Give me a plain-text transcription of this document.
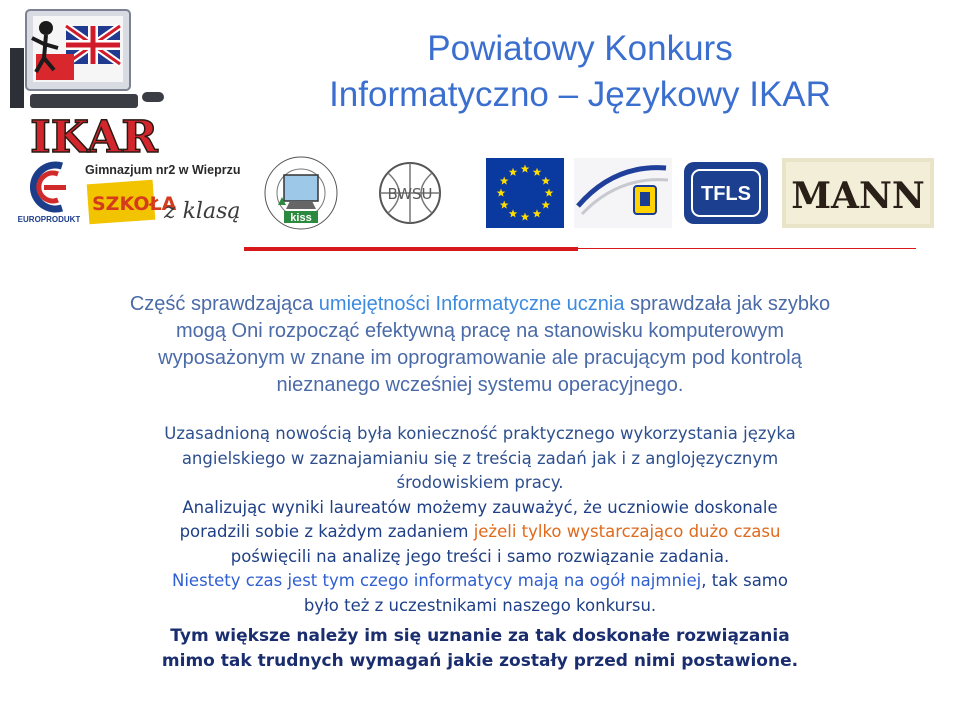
IKAR
Powiatowy Konkurs
Informatyczno – Językowy IKAR
EUROPRODUKT
Gimnazjum nr2 w Wieprzu
SZKOŁA
z klasą	kiss
BWSU	TFLS MANN
Część sprawdzająca umiejętności Informatyczne ucznia sprawdzała jak szybko
mogą Oni rozpocząć efektywną pracę na stanowisku komputerowym
wyposażonym w znane im oprogramowanie ale pracującym pod kontrolą
nieznanego wcześniej systemu operacyjnego.
Uzasadnioną nowością była konieczność praktycznego wykorzystania języka
angielskiego w zaznajamianiu się z treścią zadań jak i z anglojęzycznym
środowiskiem pracy.
Analizując wyniki laureatów możemy zauważyć, że uczniowie doskonale
poradzili sobie z każdym zadaniem jeżeli tylko wystarczająco dużo czasu
poświęcili na analizę jego treści i samo rozwiązanie zadania.
Niestety czas jest tym czego informatycy mają na ogół najmniej, tak samo
było też z uczestnikami naszego konkursu.
Tym większe należy im się uznanie za tak doskonałe rozwiązania
mimo tak trudnych wymagań jakie zostały przed nimi postawione.
